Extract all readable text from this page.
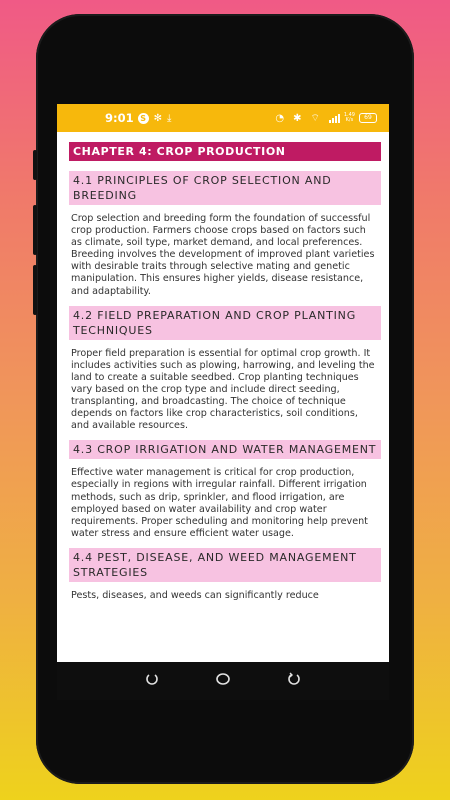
9:01 S ✻ ⤓	◔ ✱ ⌔	1.49
K/s	69
CHAPTER 4: CROP PRODUCTION
4.1 PRINCIPLES OF CROP SELECTION AND BREEDING

Crop selection and breeding form the foundation of successful crop production. Farmers choose crops based on factors such as climate, soil type, market demand, and local preferences. Breeding involves the development of improved plant varieties with desirable traits through selective mating and genetic manipulation. This ensures higher yields, disease resistance, and adaptability.

4.2 FIELD PREPARATION AND CROP PLANTING TECHNIQUES

Proper field preparation is essential for optimal crop growth. It includes activities such as plowing, harrowing, and leveling the land to create a suitable seedbed. Crop planting techniques vary based on the crop type and include direct seeding, transplanting, and broadcasting. The choice of technique depends on factors like crop characteristics, soil conditions, and available resources.

4.3 CROP IRRIGATION AND WATER MANAGEMENT

Effective water management is critical for crop production, especially in regions with irregular rainfall. Different irrigation methods, such as drip, sprinkler, and flood irrigation, are employed based on water availability and crop water requirements. Proper scheduling and monitoring help prevent water stress and ensure efficient water usage.

4.4 PEST, DISEASE, AND WEED MANAGEMENT STRATEGIES

Pests, diseases, and weeds can significantly reduce
